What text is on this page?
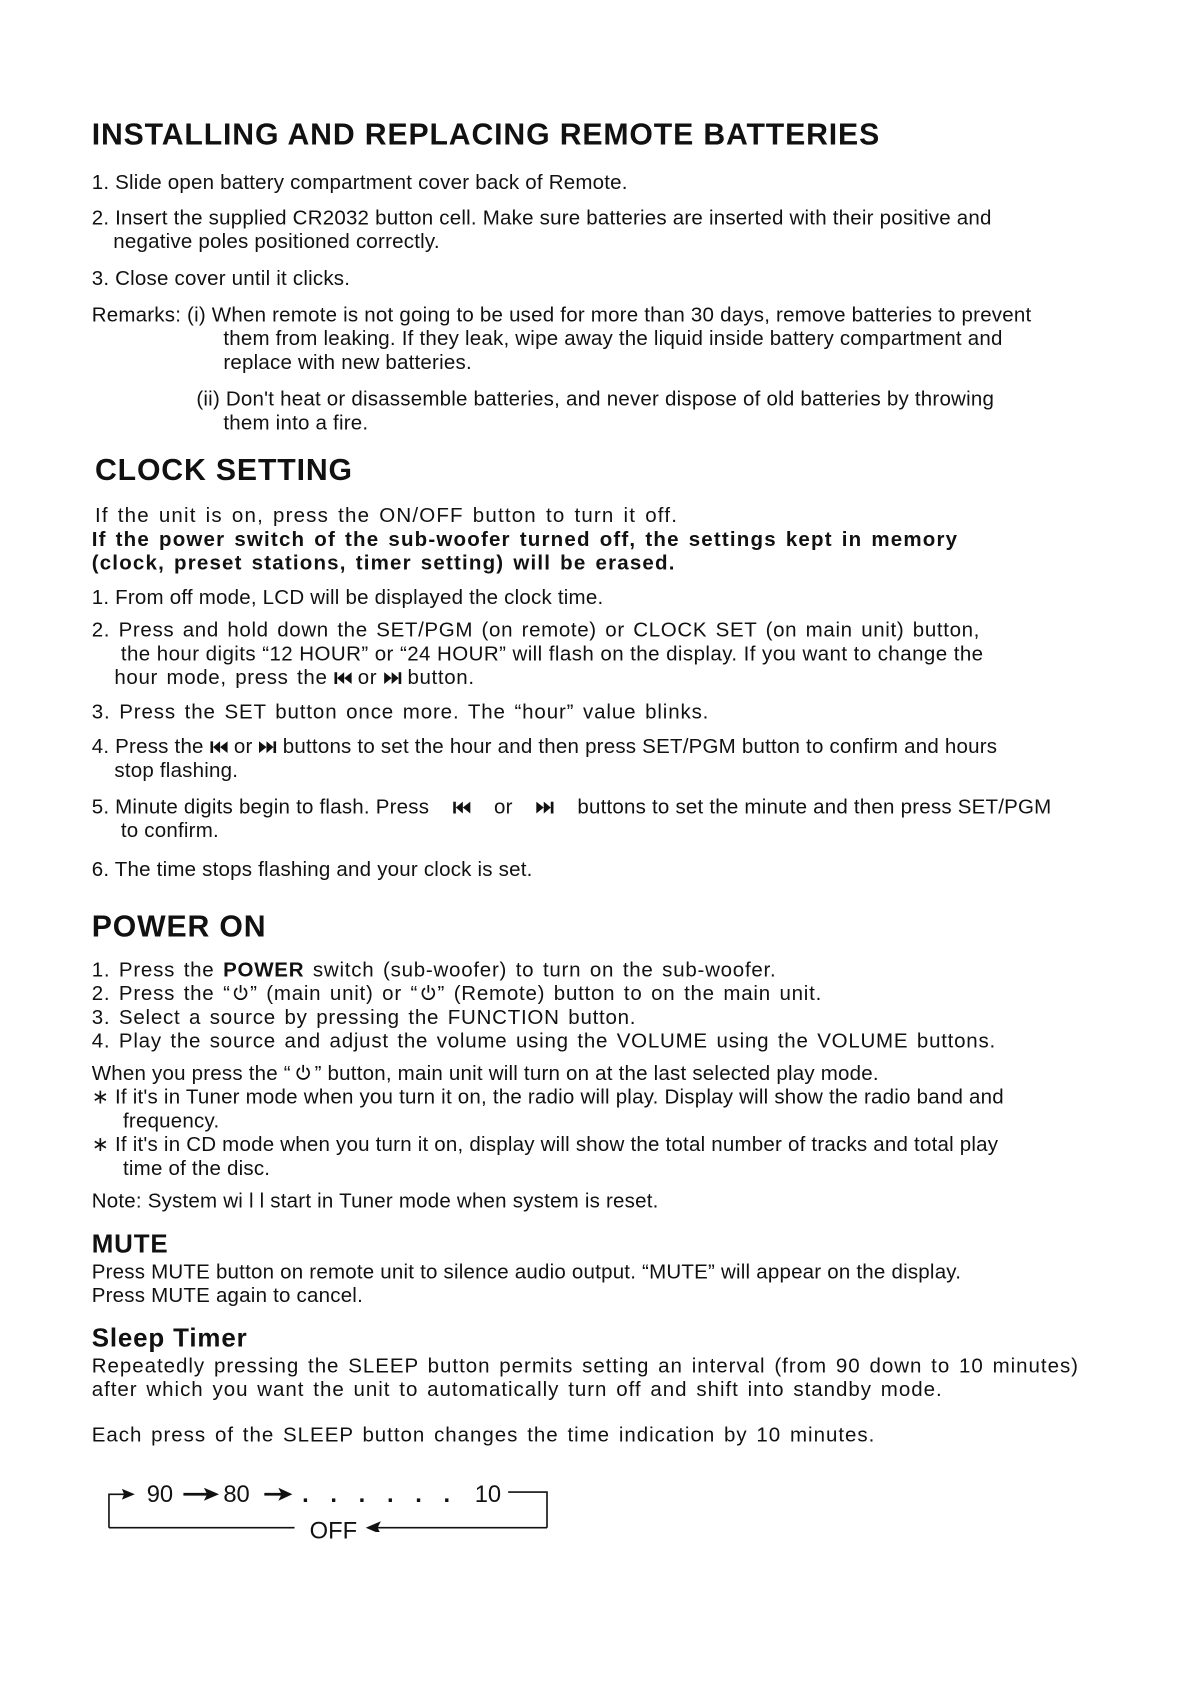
INSTALLING AND REPLACING REMOTE BATTERIES
1. Slide open battery compartment cover back of Remote.
2. Insert the supplied CR2032 button cell. Make sure batteries are inserted with their positive and
negative poles positioned correctly.
3. Close cover until it clicks.
Remarks: (i) When remote is not going to be used for more than 30 days, remove batteries to prevent
them from leaking. If they leak, wipe away the liquid inside battery compartment and
replace with new batteries.
(ii) Don't heat or disassemble batteries, and never dispose of old batteries by throwing
them into a fire.
CLOCK SETTING
If the unit is on, press the ON/OFF button to turn it off.
If the power switch of the sub-woofer turned off, the settings kept in memory
(clock, preset stations, timer setting) will be erased.
1. From off mode, LCD will be displayed the clock time.
2. Press and hold down the SET/PGM (on remote) or CLOCK SET (on main unit) button,
the hour digits “12 HOUR” or “24 HOUR” will flash on the display. If you want to change the
hour mode, press the or button.
3. Press the SET button once more. The “hour” value blinks.
4. Press the or buttons to set the hour and then press SET/PGM button to confirm and hours
stop flashing.
5. Minute digits begin to flash. Press	or	buttons to set the minute and then press SET/PGM
to confirm.
6. The time stops flashing and your clock is set.
POWER ON
1. Press the POWER switch (sub-woofer) to turn on the sub-woofer.
2. Press the “ ” (main unit) or “ ” (Remote) button to on the main unit.
3. Select a source by pressing the FUNCTION button.
4. Play the source and adjust the volume using the VOLUME using the VOLUME buttons.
When you press the “ ” button, main unit will turn on at the last selected play mode.
∗ If it's in Tuner mode when you turn it on, the radio will play. Display will show the radio band and
frequency.
∗ If it's in CD mode when you turn it on, display will show the total number of tracks and total play
time of the disc.
Note: System wi l l start in Tuner mode when system is reset.
MUTE
Press MUTE button on remote unit to silence audio output. “MUTE” will appear on the display.
Press MUTE again to cancel.
Sleep Timer
Repeatedly pressing the SLEEP button permits setting an interval (from 90 down to 10 minutes)
after which you want the unit to automatically turn off and shift into standby mode.
Each press of the SLEEP button changes the time indication by 10 minutes.
90 80 . . . . . . 10
OFF
